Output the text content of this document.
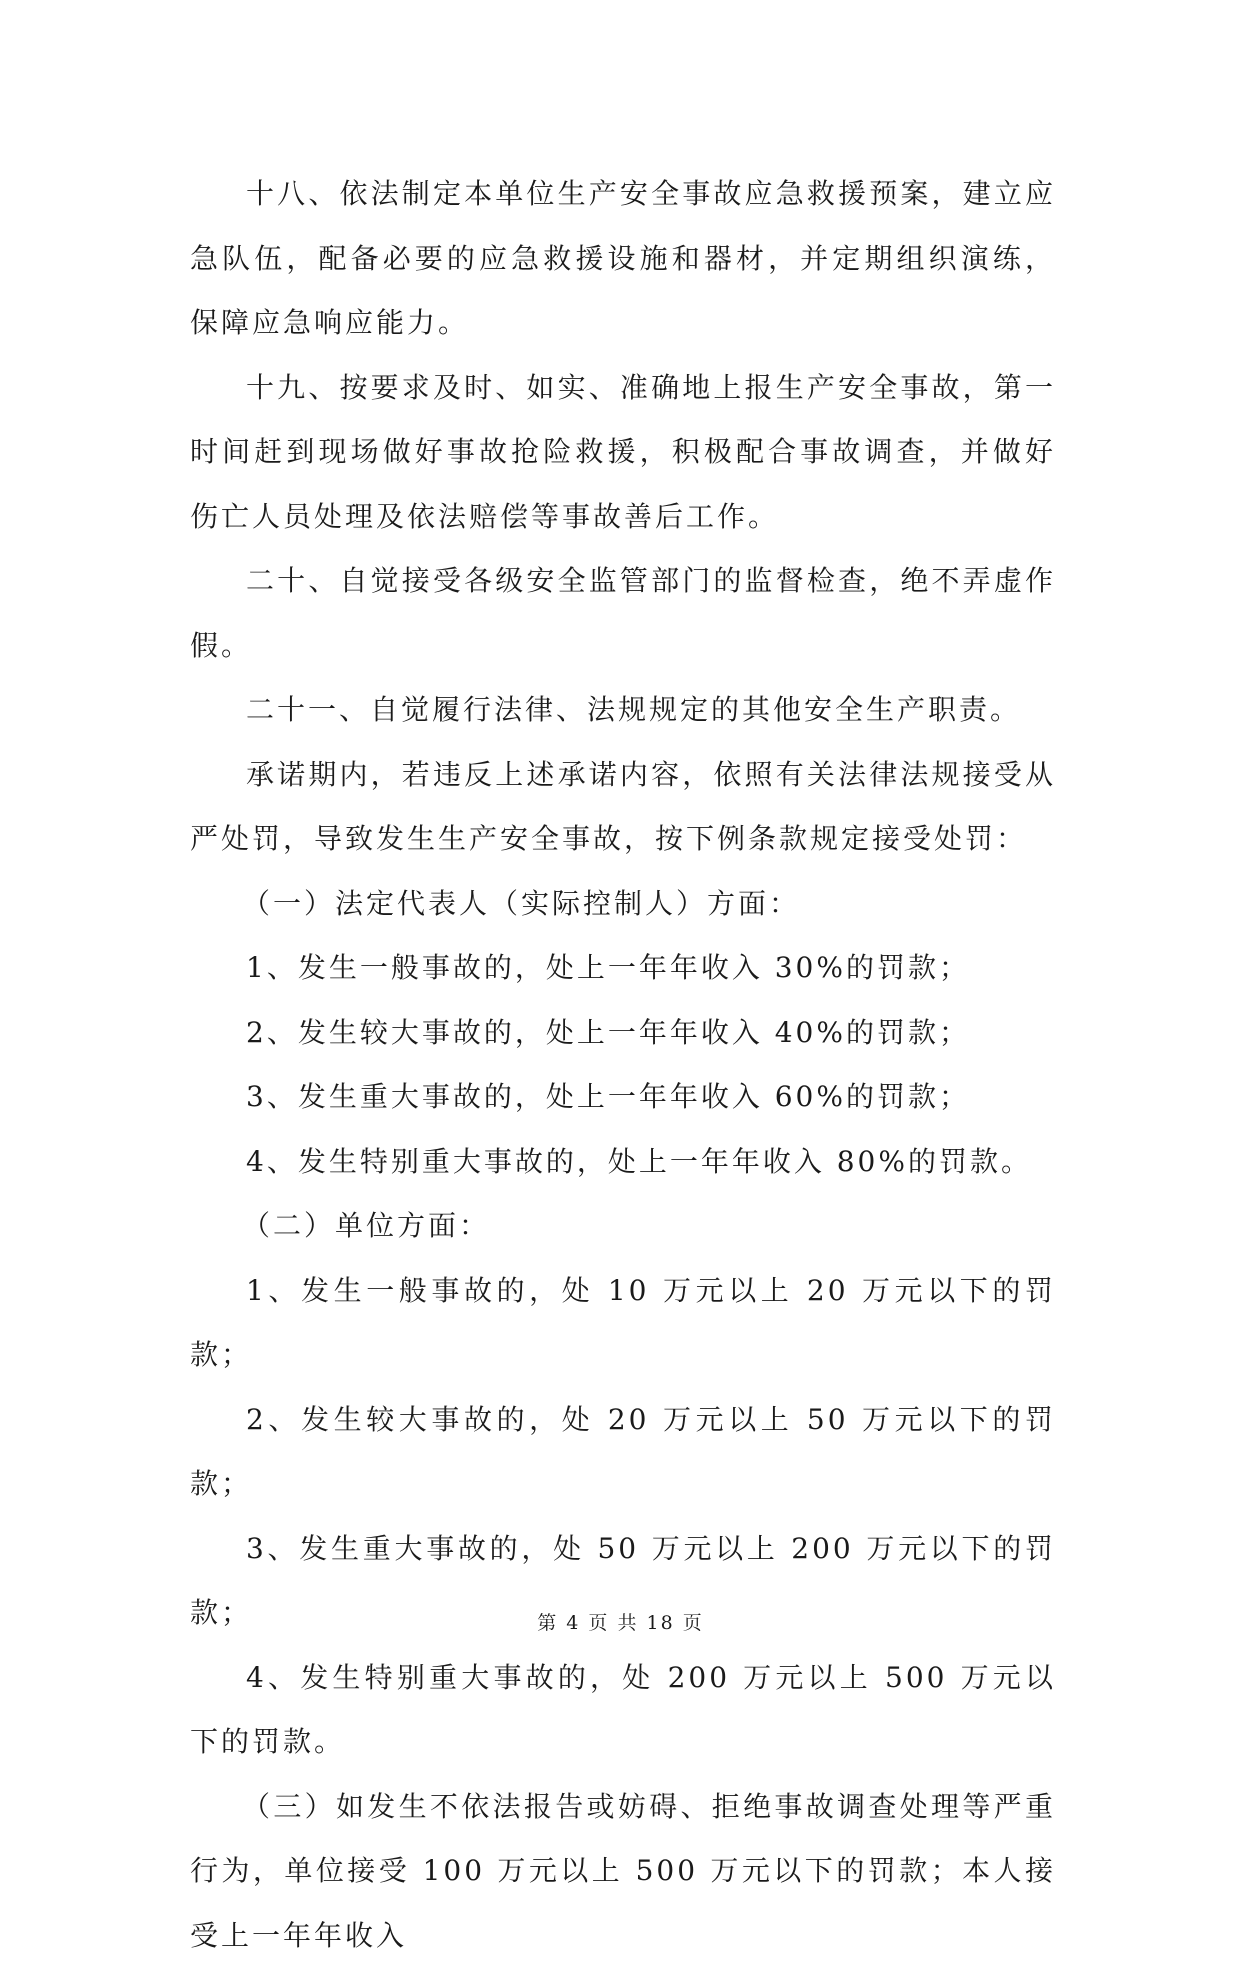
十八、依法制定本单位生产安全事故应急救援预案，建立应急队伍，配备必要的应急救援设施和器材，并定期组织演练，保障应急响应能力。

十九、按要求及时、如实、准确地上报生产安全事故，第一时间赶到现场做好事故抢险救援，积极配合事故调查，并做好伤亡人员处理及依法赔偿等事故善后工作。

二十、自觉接受各级安全监管部门的监督检查，绝不弄虚作假。

二十一、自觉履行法律、法规规定的其他安全生产职责。

承诺期内，若违反上述承诺内容，依照有关法律法规接受从严处罚，导致发生生产安全事故，按下例条款规定接受处罚：

（一）法定代表人（实际控制人）方面：

1、发生一般事故的，处上一年年收入 30%的罚款；

2、发生较大事故的，处上一年年收入 40%的罚款；

3、发生重大事故的，处上一年年收入 60%的罚款；

4、发生特别重大事故的，处上一年年收入 80%的罚款。

（二）单位方面：

1、发生一般事故的，处 10 万元以上 20 万元以下的罚款；

2、发生较大事故的，处 20 万元以上 50 万元以下的罚款；

3、发生重大事故的，处 50 万元以上 200 万元以下的罚款；

4、发生特别重大事故的，处 200 万元以上 500 万元以下的罚款。

（三）如发生不依法报告或妨碍、拒绝事故调查处理等严重行为，单位接受 100 万元以上 500 万元以下的罚款；本人接受上一年年收入

第 4 页 共 18 页
